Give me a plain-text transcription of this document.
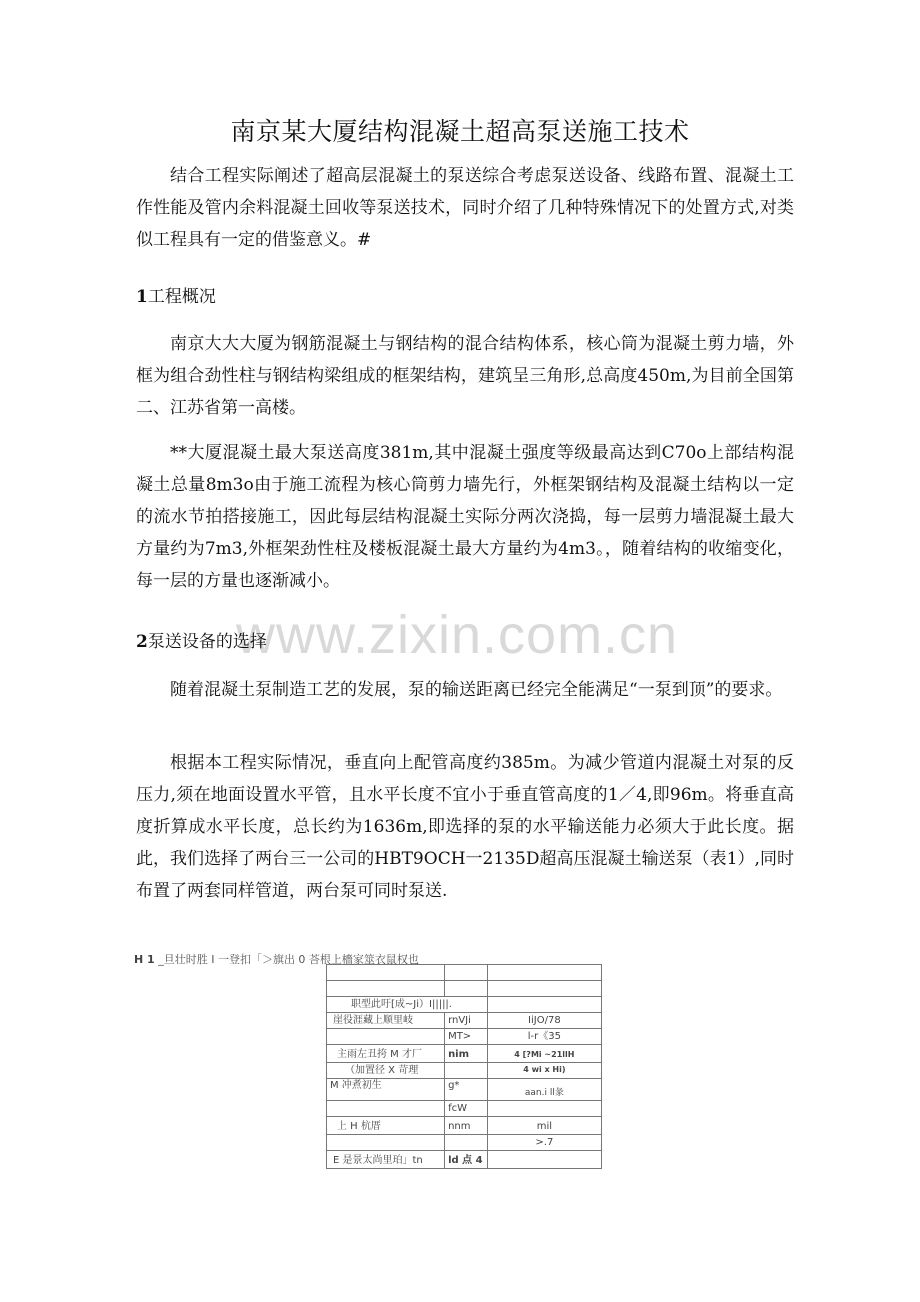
www.zixin.com.cn
南京某大厦结构混凝土超高泵送施工技术

结合工程实际阐述了超高层混凝土的泵送综合考虑泵送设备、线路布置、混凝土工作性能及管内余料混凝土回收等泵送技术，同时介绍了几种特殊情况下的处置方式,对类似工程具有一定的借鉴意义。#

1工程概况

南京大大大厦为钢筋混凝土与钢结构的混合结构体系，核心筒为混凝土剪力墙，外框为组合劲性柱与钢结构梁组成的框架结构，建筑呈三角形,总高度450m,为目前全国第二、江苏省第一高楼。

**大厦混凝土最大泵送高度381m,其中混凝土强度等级最高达到C70o上部结构混凝土总量8m3o由于施工流程为核心筒剪力墙先行，外框架钢结构及混凝土结构以一定的流水节拍搭接施工，因此每层结构混凝土实际分两次浇捣，每一层剪力墙混凝土最大方量约为7m3,外框架劲性柱及楼板混凝土最大方量约为4m3。，随着结构的收缩变化，每一层的方量也逐渐减小。

2泵送设备的选择

随着混凝土泵制造工艺的发展，泵的输送距离已经完全能满足“一泵到顶”的要求。

根据本工程实际情况，垂直向上配管高度约385m。为减少管道内混凝土对泵的反压力,须在地面设置水平管，且水平长度不宜小于垂直管高度的1／4,即96m。将垂直高度折算成水平长度，总长约为1636m,即选择的泵的水平输送能力必须大于此长度。据此，我们选择了两台三一公司的HBT9OCH一2135D超高压混凝土输送泵（表1）,同时布置了两套同样管道，两台泵可同时泵送.

H 1 _旦壮时胜 I 一登扣「＞旗出 0 荅根上檣家筮衣鼠权也

职型此吁[成~Ji）I|||||.		
崖役涯藏上顺里岐	rnVJi	IiJO/78
	MT>	l-r《35
主雨左丑挎 M 才厂	nim	4 [?Mi ~21llH
（加置径 X 苛理		4 wi x Hi)
M 冲煮初生	g*	aan.i ll彖
	fcW	
上 H 杭厝	nnm	mil
		>.7
E 是景太尚里珀」tn	ld 点 4	
